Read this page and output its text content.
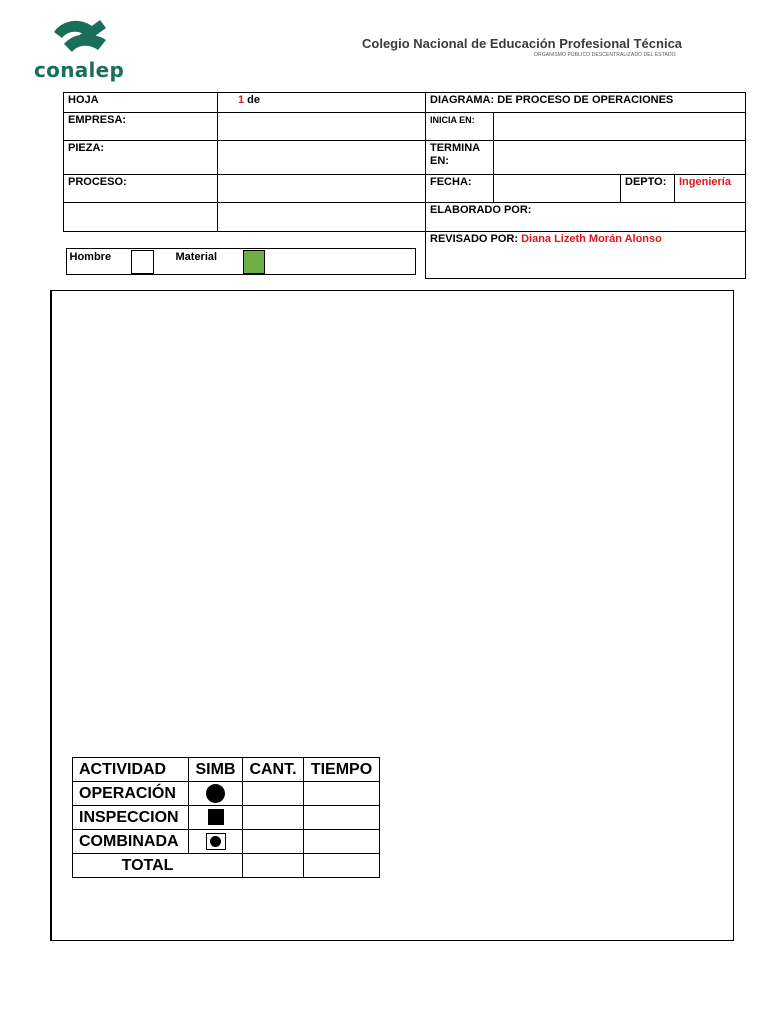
conalep
Colegio Nacional de Educación Profesional Técnica
ORGANISMO PÚBLICO DESCENTRALIZADO DEL ESTADO
HOJA	1 de	DIAGRAMA: DE PROCESO DE OPERACIONES			
EMPRESA:		INICIA EN:			
PIEZA:		TERMINA EN:			
PROCESO:		FECHA:		DEPTO:	Ingeniería
		ELABORADO POR:			

Hombre Material		REVISADO POR: Diana Lizeth Morán Alonso			
ACTIVIDAD	SIMB	CANT.	TIEMPO
OPERACIÓN			
INSPECCION			
COMBINADA	

TOTAL			
